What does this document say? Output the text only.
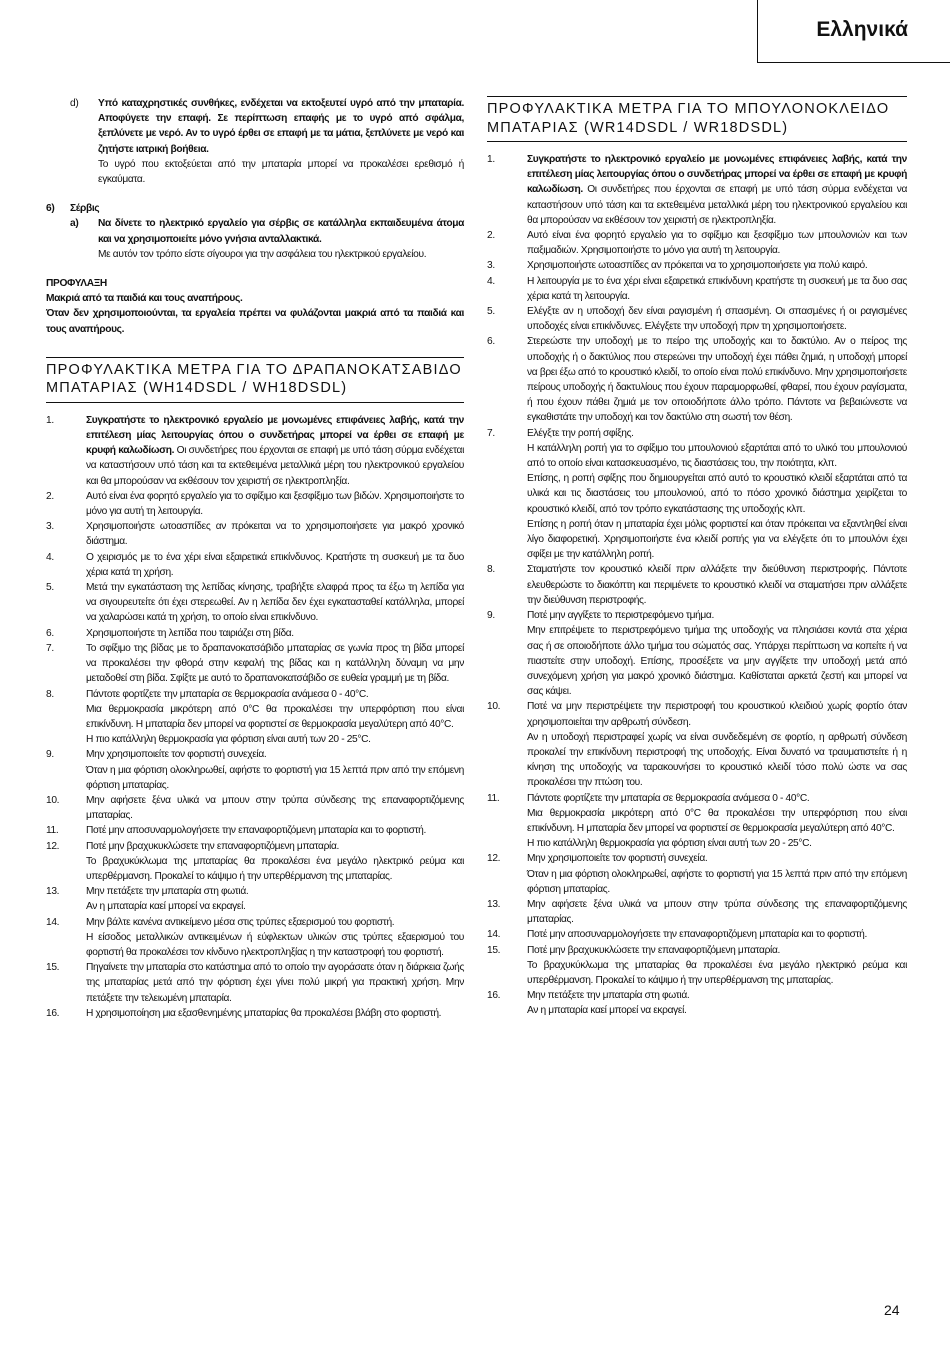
Ελληνικά
d) Υπό καταχρηστικές συνθήκες, ενδέχεται να εκτοξευτεί υγρό από την μπαταρία. Αποφύγετε την επαφή. Σε περίπτωση επαφής με το υγρό από σφάλμα, ξεπλύνετε με νερό. Αν το υγρό έρθει σε επαφή με τα μάτια, ξεπλύνετε με νερό και ζητήστε ιατρική βοήθεια.

Το υγρό που εκτοξεύεται από την μπαταρία μπορεί να προκαλέσει ερεθισμό ή εγκαύματα.

6) Σέρβις

a) Να δίνετε το ηλεκτρικό εργαλείο για σέρβις σε κατάλληλα εκπαιδευμένα άτομα και να χρησιμοποιείτε μόνο γνήσια ανταλλακτικά.

Με αυτόν τον τρόπο είστε σίγουροι για την ασφάλεια του ηλεκτρικού εργαλείου.

ΠΡΟΦΥΛΑΞΗ

Μακριά από τα παιδιά και τους αναπήρους.

Όταν δεν χρησιμοποιούνται, τα εργαλεία πρέπει να φυλάζονται μακριά από τα παιδιά και τους αναπήρους.

ΠΡΟΦΥΛΑΚΤΙΚΑ ΜΕΤΡΑ ΓΙΑ ΤΟ ΔΡΑΠΑΝΟΚΑΤΣΑΒΙΔΟ ΜΠΑΤΑΡΙΑΣ (WH14DSDL / WH18DSDL)
1.	Συγκρατήστε το ηλεκτρονικό εργαλείο με μονωμένες επιφάνειες λαβής, κατά την επιτέλεση μίας λειτουργίας όπου ο συνδετήρας μπορεί να έρθει σε επαφή με κρυφή καλωδίωση. Οι συνδετήρες που έρχονται σε επαφή με υπό τάση σύρμα ενδέχεται να καταστήσουν υπό τάση και τα εκτεθειμένα μεταλλικά μέρη του ηλεκτρονικού εργαλείου και θα μπορούσαν να εκθέσουν τον χειριστή σε ηλεκτροπληξία.

2.	Αυτό είναι ένα φορητό εργαλείο για το σφίξιμο και ξεσφίξιμο των βιδών. Χρησιμοποιήστε το μόνο για αυτή τη λειτουργία.

3.	Χρησιμοποιήστε ωτοασπίδες αν πρόκειται να το χρησιμοποιήσετε για μακρό χρονικό διάστημα.

4.	Ο χειρισμός με το ένα χέρι είναι εξαιρετικά επικίνδυνος. Κρατήστε τη συσκευή με τα δυο χέρια κατά τη χρήση.

5.	Μετά την εγκατάσταση της λεπίδας κίνησης, τραβήξτε ελαφρά προς τα έξω τη λεπίδα για να σιγουρευτείτε ότι έχει στερεωθεί. Αν η λεπίδα δεν έχει εγκατασταθεί κατάλληλα, μπορεί να χαλαρώσει κατά τη χρήση, το οποίο είναι επικίνδυνο.

6.	Χρησιμοποιήστε τη λεπίδα που ταιριάζει στη βίδα.

7.	Το σφίξιμο της βίδας με το δραπανοκατσάβιδο μπαταρίας σε γωνία προς τη βίδα μπορεί να προκαλέσει την φθορά στην κεφαλή της βίδας και η κατάλληλη δύναμη να μην μεταδοθεί στη βίδα. Σφίξτε με αυτό το δραπανοκατσάβιδο σε ευθεία γραμμή με τη βίδα.

8.	Πάντοτε φορτίζετε την μπαταρία σε θερμοκρασία ανάμεσα 0 - 40°C.

Μια θερμοκρασία μικρότερη από 0°C θα προκαλέσει την υπερφόρτιση που είναι επικίνδυνη. Η μπαταρία δεν μπορεί να φορτιστεί σε θερμοκρασία μεγαλύτερη από 40°C.

Η πιο κατάλληλη θερμοκρασία για φόρτιση είναι αυτή των 20 - 25°C.

9.	Μην χρησιμοποιείτε τον φορτιστή συνεχεία.

Όταν η μια φόρτιση ολοκληρωθεί, αφήστε το φορτιστή για 15 λεπτά πριν από την επόμενη φόρτιση μπαταρίας.

10.	Μην αφήσετε ξένα υλικά να μπουν στην τρύπα σύνδεσης της επαναφορτιζόμενης μπαταρίας.

11.	Ποτέ μην αποσυναρμολογήσετε την επαναφορτιζόμενη μπαταρία και το φορτιστή.

12.	Ποτέ μην βραχυκυκλώσετε την επαναφορτιζόμενη μπαταρία.

Το βραχυκύκλωμα της μπαταρίας θα προκαλέσει ένα μεγάλο ηλεκτρικό ρεύμα και υπερθέρμανση. Προκαλεί το κάψιμο ή την υπερθέρμανση της μπαταρίας.

13.	Μην πετάξετε την μπαταρία στη φωτιά.

Αν η μπαταρία καεί μπορεί να εκραγεί.

14.	Μην βάλτε κανένα αντικείμενο μέσα στις τρύπες εξαερισμού του φορτιστή.

Η είσοδος μεταλλικών αντικειμένων ή εύφλεκτων υλικών στις τρύπες εξαερισμού του φορτιστή θα προκαλέσει τον κίνδυνο ηλεκτροπληξίας η την καταστροφή του φορτιστή.

15.	Πηγαίνετε την μπαταρία στο κατάστημα από το οποίο την αγοράσατε όταν η διάρκεια ζωής της μπαταρίας μετά από την φόρτιση έχει γίνει πολύ μικρή για πρακτική χρήση. Μην πετάξετε την τελειωμένη μπαταρία.

16.	Η χρησιμοποίηση μια εξασθενημένης μπαταρίας θα προκαλέσει βλάβη στο φορτιστή.

ΠΡΟΦΥΛΑΚΤΙΚΑ ΜΕΤΡΑ ΓΙΑ ΤΟ ΜΠΟΥΛΟΝΟΚΛΕΙΔΟ ΜΠΑΤΑΡΙΑΣ (WR14DSDL / WR18DSDL)
1.	Συγκρατήστε το ηλεκτρονικό εργαλείο με μονωμένες επιφάνειες λαβής, κατά την επιτέλεση μίας λειτουργίας όπου ο συνδετήρας μπορεί να έρθει σε επαφή με κρυφή καλωδίωση. Οι συνδετήρες που έρχονται σε επαφή με υπό τάση σύρμα ενδέχεται να καταστήσουν υπό τάση και τα εκτεθειμένα μεταλλικά μέρη του ηλεκτρονικού εργαλείου και θα μπορούσαν να εκθέσουν τον χειριστή σε ηλεκτροπληξία.

2.	Αυτό είναι ένα φορητό εργαλείο για το σφίξιμο και ξεσφίξιμο των μπουλονιών και των παξιμαδιών. Χρησιμοποιήστε το μόνο για αυτή τη λειτουργία.

3.	Χρησιμοποιήστε ωτοασπίδες αν πρόκειται να το χρησιμοποιήσετε για πολύ καιρό.

4.	Η λειτουργία με το ένα χέρι είναι εξαιρετικά επικίνδυνη κρατήστε τη συσκευή με τα δυο σας χέρια κατά τη λειτουργία.

5.	Ελέγξτε αν η υποδοχή δεν είναι ραγισμένη ή σπασμένη. Οι σπασμένες ή οι ραγισμένες υποδοχές είναι επικίνδυνες. Ελέγξετε την υποδοχή πριν τη χρησιμοποιήσετε.

6.	Στερεώστε την υποδοχή με το πείρο της υποδοχής και το δακτύλιο. Αν ο πείρος της υποδοχής ή ο δακτύλιος που στερεώνει την υποδοχή έχει πάθει ζημιά, η υποδοχή μπορεί να βρει έξω από το κρουστικό κλειδί, το οποίο είναι πολύ επικίνδυνο. Μην χρησιμοποιήσετε πείρους υποδοχής ή δακτυλίους που έχουν παραμορφωθεί, φθαρεί, που έχουν ραγίσματα, ή που έχουν πάθει ζημιά με τον οποιοδήποτε άλλο τρόπο. Πάντοτε να βεβαιώνεστε να εγκαθιστάτε την υποδοχή και τον δακτύλιο στη σωστή τον θέση.

7.	Ελέγξτε την ροπή σφίξης.

Η κατάλληλη ροπή για το σφίξιμο του μπουλονιού εξαρτάται από το υλικό του μπουλονιού από το οποίο είναι κατασκευασμένο, τις διαστάσεις του, την ποιότητα, κλπ.

Επίσης, η ροπή σφίξης που δημιουργείται από αυτό το κρουστικό κλειδί εξαρτάται από τα υλικά και τις διαστάσεις του μπουλονιού, από το πόσο χρονικό διάστημα χειρίζεται το κρουστικό κλειδί, από τον τρόπο εγκατάστασης της υποδοχής κλπ.

Επίσης η ροπή όταν η μπαταρία έχει μόλις φορτιστεί και όταν πρόκειται να εξαντληθεί είναι λίγο διαφορετική. Χρησιμοποιήστε ένα κλειδί ροπής για να ελέγξετε ότι το μπουλόνι έχει σφίξει με την κατάλληλη ροπή.

8.	Σταματήστε τον κρουστικό κλειδί πριν αλλάξετε την διεύθυνση περιστροφής. Πάντοτε ελευθερώστε το διακόπτη και περιμένετε το κρουστικό κλειδί να σταματήσει πριν αλλάξετε την διεύθυνση περιστροφής.

9.	Ποτέ μην αγγίξετε το περιστρεφόμενο τμήμα.

Μην επιτρέψετε το περιστρεφόμενο τμήμα της υποδοχής να πλησιάσει κοντά στα χέρια σας ή σε οποιοδήποτε άλλο τμήμα του σώματός σας. Υπάρχει περίπτωση να κοπείτε ή να πιαστείτε στην υποδοχή. Επίσης, προσέξετε να μην αγγίξετε την υποδοχή μετά από συνεχόμενη χρήση για μακρό χρονικό διάστημα. Καθίσταται αρκετά ζεστή και μπορεί να σας κάψει.

10.	Ποτέ να μην περιστρέψετε την περιστροφή του κρουστικού κλειδιού χωρίς φορτίο όταν χρησιμοποιείται την αρθρωτή σύνδεση.

Αν η υποδοχή περιστραφεί χωρίς να είναι συνδεδεμένη σε φορτίο, η αρθρωτή σύνδεση προκαλεί την επικίνδυνη περιστροφή της υποδοχής. Είναι δυνατό να τραυματιστείτε ή η κίνηση της υποδοχής να ταρακουνήσει το κρουστικό κλειδί τόσο πολύ ώστε να σας προκαλέσει την πτώση του.

11.	Πάντοτε φορτίζετε την μπαταρία σε θερμοκρασία ανάμεσα 0 - 40°C.

Μια θερμοκρασία μικρότερη από 0°C θα προκαλέσει την υπερφόρτιση που είναι επικίνδυνη. Η μπαταρία δεν μπορεί να φορτιστεί σε θερμοκρασία μεγαλύτερη από 40°C.

Η πιο κατάλληλη θερμοκρασία για φόρτιση είναι αυτή των 20 - 25°C.

12.	Μην χρησιμοποιείτε τον φορτιστή συνεχεία.

Όταν η μια φόρτιση ολοκληρωθεί, αφήστε το φορτιστή για 15 λεπτά πριν από την επόμενη φόρτιση μπαταρίας.

13.	Μην αφήσετε ξένα υλικά να μπουν στην τρύπα σύνδεσης της επαναφορτιζόμενης μπαταρίας.

14.	Ποτέ μην αποσυναρμολογήσετε την επαναφορτιζόμενη μπαταρία και το φορτιστή.

15.	Ποτέ μην βραχυκυκλώσετε την επαναφορτιζόμενη μπαταρία.

Το βραχυκύκλωμα της μπαταρίας θα προκαλέσει ένα μεγάλο ηλεκτρικό ρεύμα και υπερθέρμανση. Προκαλεί το κάψιμο ή την υπερθέρμανση της μπαταρίας.

16.	Μην πετάξετε την μπαταρία στη φωτιά.

Αν η μπαταρία καεί μπορεί να εκραγεί.

24
